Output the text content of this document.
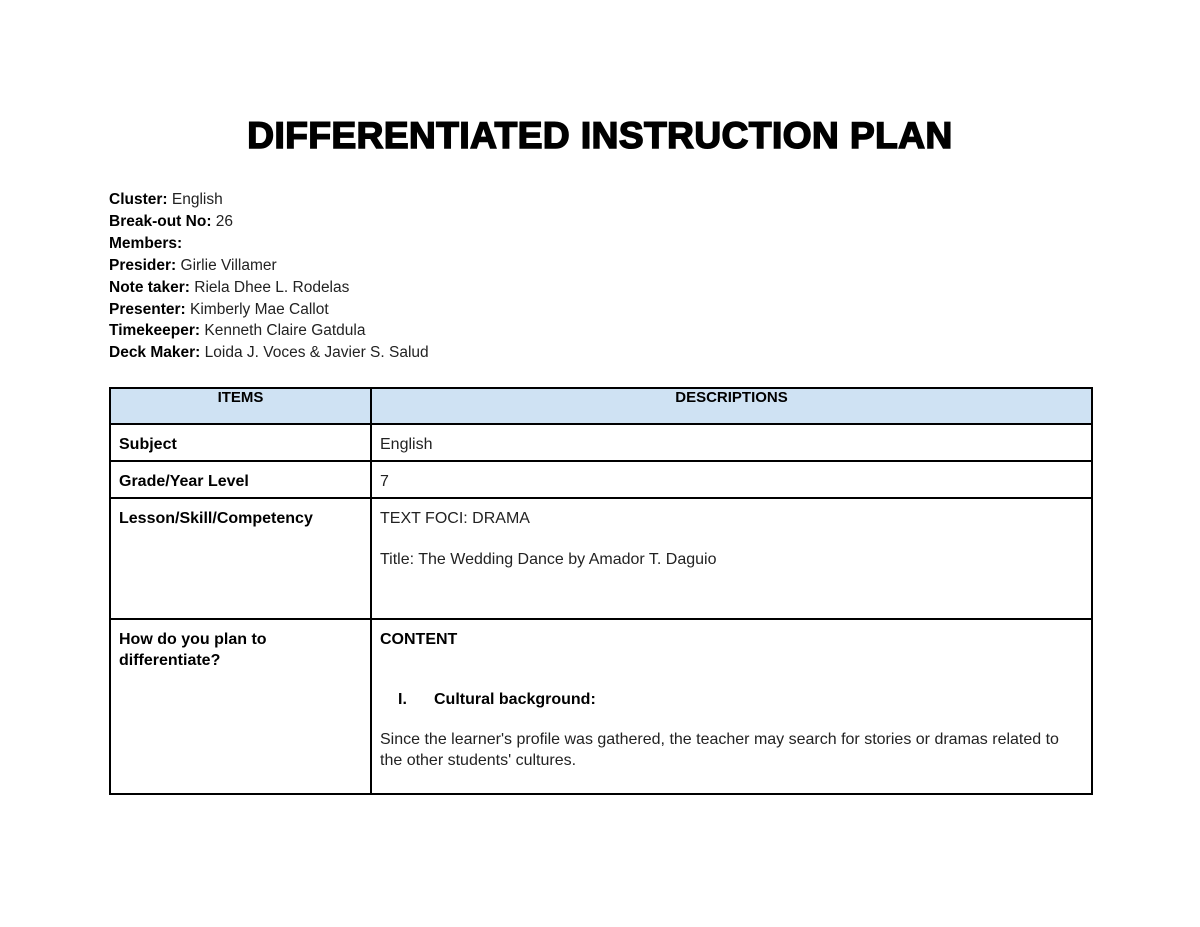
DIFFERENTIATED INSTRUCTION PLAN
Cluster: English
Break-out No: 26
Members:
Presider: Girlie Villamer
Note taker: Riela Dhee L. Rodelas
Presenter: Kimberly Mae Callot
Timekeeper: Kenneth Claire Gatdula
Deck Maker: Loida J. Voces & Javier S. Salud
ITEMS	DESCRIPTIONS

Subject	English

Grade/Year Level	7

Lesson/Skill/Competency	TEXT FOCI: DRAMA

Title: The Wedding Dance by Amador T. Daguio

How do you plan to differentiate?	CONTENT

I. Cultural background:

Since the learner's profile was gathered, the teacher may search for stories or dramas related to the other students' cultures.
